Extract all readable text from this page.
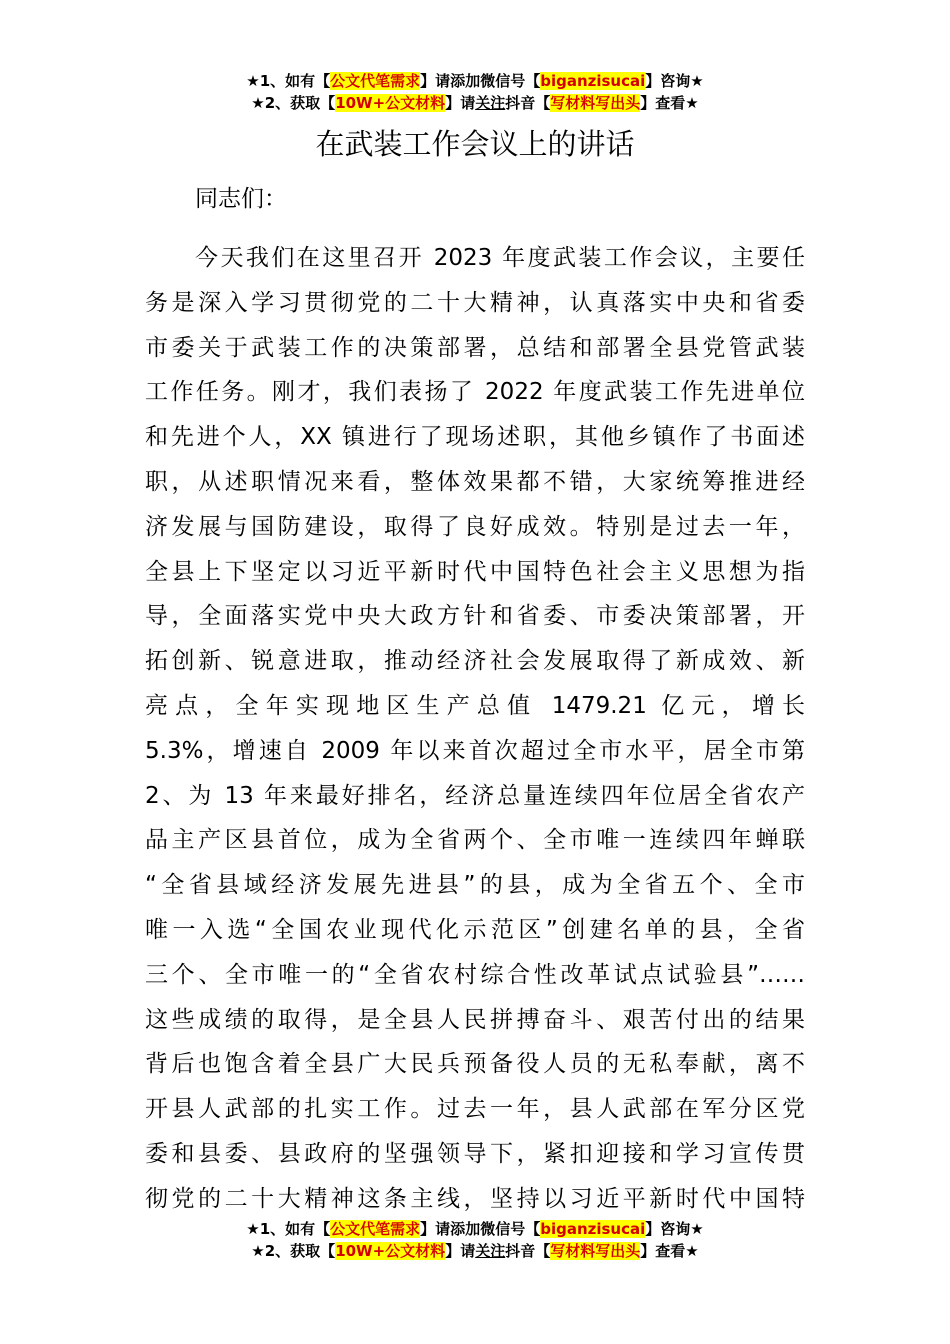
★1、如有【公文代笔需求】请添加微信号【biganzisucai】咨询★
★2、获取【10W+公文材料】请关注抖音【写材料写出头】查看★
在武装工作会议上的讲话
同志们：
今天我们在这里召开 2023 年度武装工作会议，主要任
务是深入学习贯彻党的二十大精神，认真落实中央和省委
市委关于武装工作的决策部署，总结和部署全县党管武装
工作任务。刚才，我们表扬了 2022 年度武装工作先进单位
和先进个人，XX 镇进行了现场述职，其他乡镇作了书面述
职，从述职情况来看，整体效果都不错，大家统筹推进经
济发展与国防建设，取得了良好成效。特别是过去一年，
全县上下坚定以习近平新时代中国特色社会主义思想为指
导，全面落实党中央大政方针和省委、市委决策部署，开
拓创新、锐意进取，推动经济社会发展取得了新成效、新
亮点，全年实现地区生产总值 1479.21 亿元，增长
5.3%，增速自 2009 年以来首次超过全市水平，居全市第
2、为 13 年来最好排名，经济总量连续四年位居全省农产
品主产区县首位，成为全省两个、全市唯一连续四年蝉联
“全省县域经济发展先进县”的县，成为全省五个、全市
唯一入选“全国农业现代化示范区”创建名单的县，全省
三个、全市唯一的“全省农村综合性改革试点试验县”……
这些成绩的取得，是全县人民拼搏奋斗、艰苦付出的结果
背后也饱含着全县广大民兵预备役人员的无私奉献，离不
开县人武部的扎实工作。过去一年，县人武部在军分区党
委和县委、县政府的坚强领导下，紧扣迎接和学习宣传贯
彻党的二十大精神这条主线，坚持以习近平新时代中国特
★1、如有【公文代笔需求】请添加微信号【biganzisucai】咨询★
★2、获取【10W+公文材料】请关注抖音【写材料写出头】查看★
